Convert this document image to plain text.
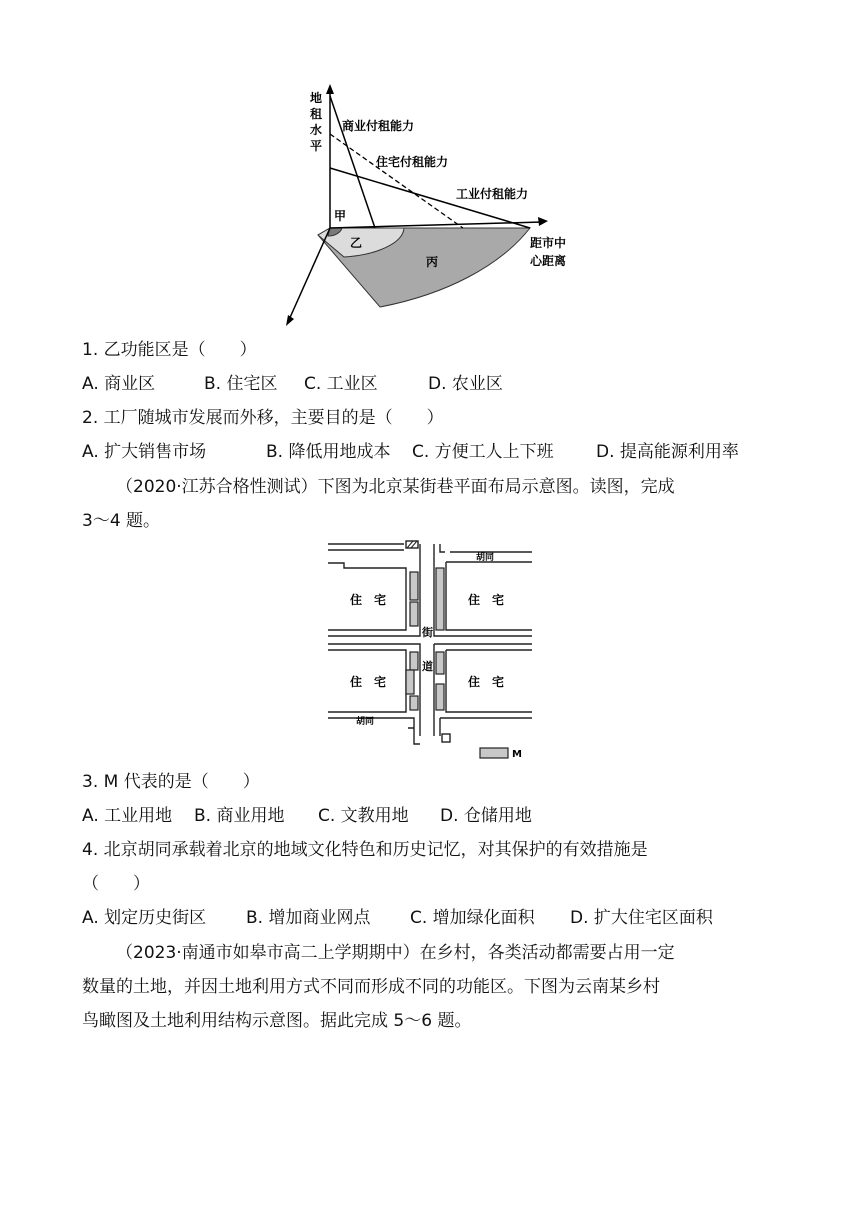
地
租
水
平
商业付租能力
住宅付租能力
工业付租能力
甲
乙
丙
距市中
心距离
1. 乙功能区是（　　）
A. 商业区	B. 住宅区 C. 工业区	D. 农业区
2. 工厂随城市发展而外移，主要目的是（　　）
A. 扩大销售市场	B. 降低用地成本 C. 方便工人上下班 D. 提高能源利用率
（2020·江苏合格性测试）下图为北京某街巷平面布局示意图。读图，完成
3～4 题。
住　宅	住　宅
住　宅	住　宅
胡同
胡同
街
道
M
3. M 代表的是（　　）
A. 工业用地 B. 商业用地 C. 文教用地 D. 仓储用地
4. 北京胡同承载着北京的地域文化特色和历史记忆，对其保护的有效措施是
（　　）
A. 划定历史街区 B. 增加商业网点 C. 增加绿化面积 D. 扩大住宅区面积
（2023·南通市如皋市高二上学期期中）在乡村，各类活动都需要占用一定
数量的土地，并因土地利用方式不同而形成不同的功能区。下图为云南某乡村
鸟瞰图及土地利用结构示意图。据此完成 5～6 题。
